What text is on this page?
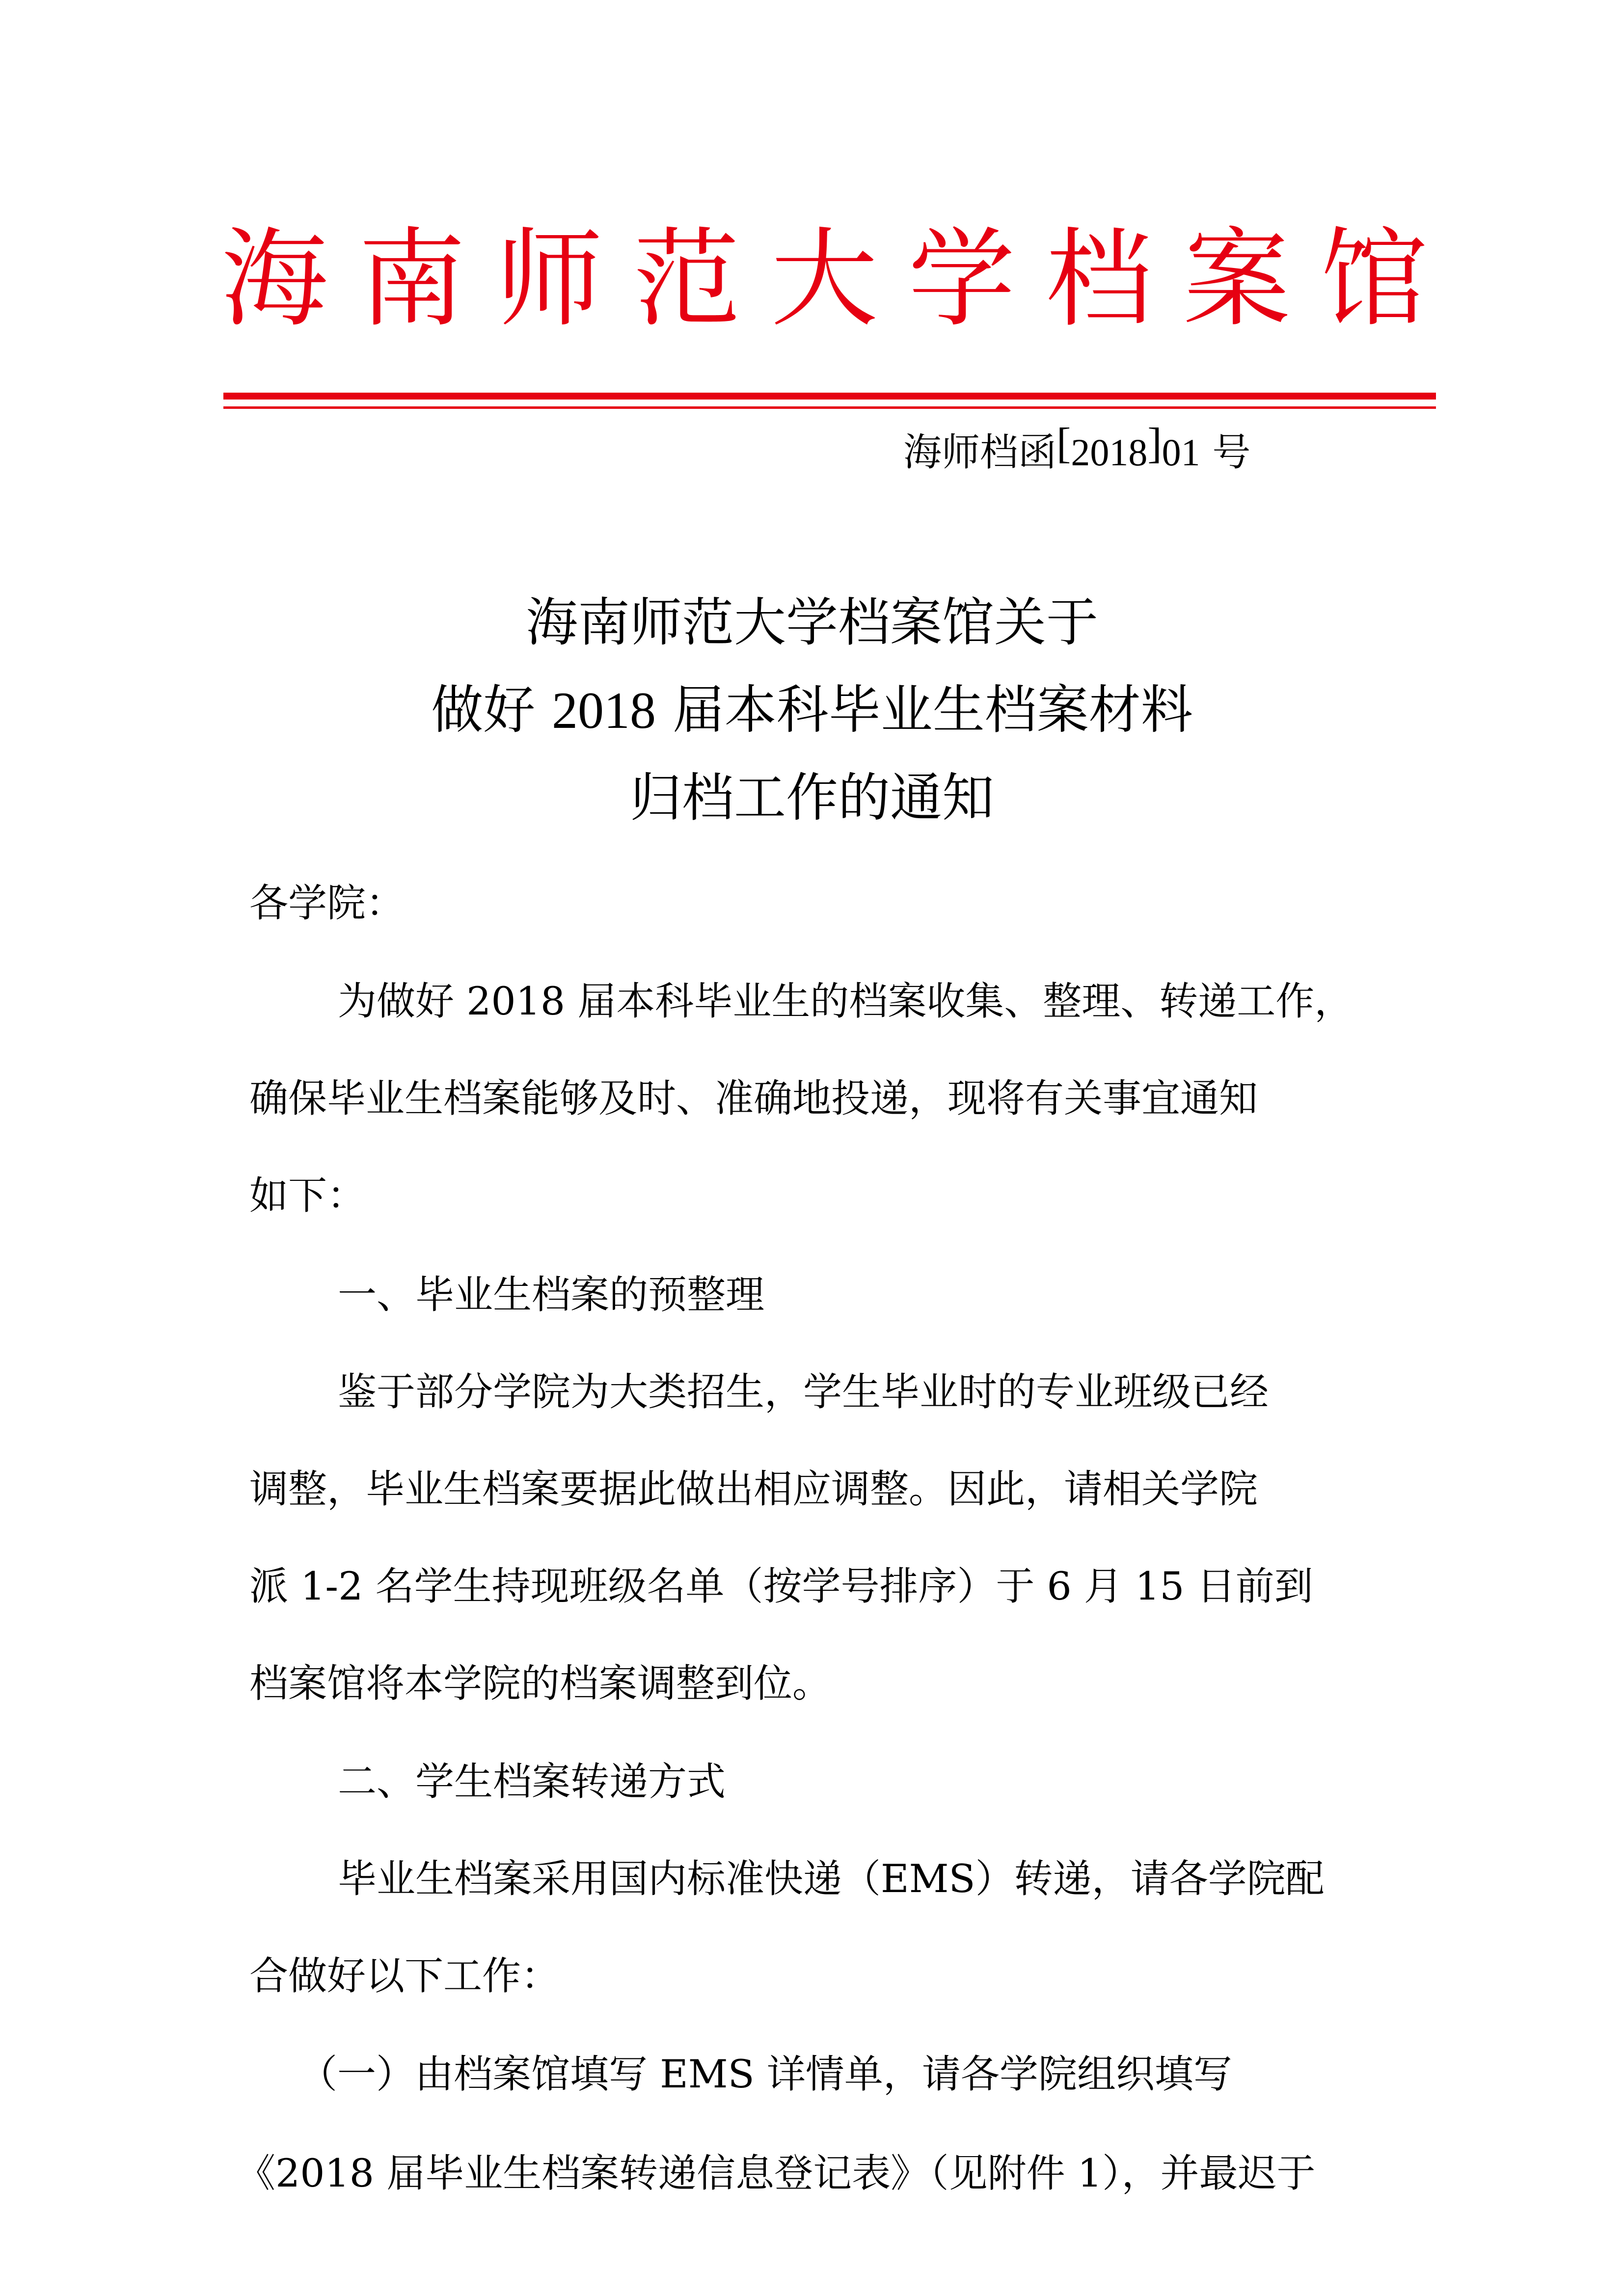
海南师范大学档案馆
海师档函[2018]01 号
海南师范大学档案馆关于
做好 2018 届本科毕业生档案材料
归档工作的通知
各学院：
为做好 2018 届本科毕业生的档案收集、整理、转递工作，
确保毕业生档案能够及时、准确地投递，现将有关事宜通知
如下：
一、毕业生档案的预整理
鉴于部分学院为大类招生，学生毕业时的专业班级已经
调整，毕业生档案要据此做出相应调整。因此，请相关学院
派 1-2 名学生持现班级名单（按学号排序）于 6 月 15 日前到
档案馆将本学院的档案调整到位。
二、学生档案转递方式
毕业生档案采用国内标准快递（EMS）转递，请各学院配
合做好以下工作：
（一）由档案馆填写 EMS 详情单，请各学院组织填写
《2018 届毕业生档案转递信息登记表》（见附件 1），并最迟于
